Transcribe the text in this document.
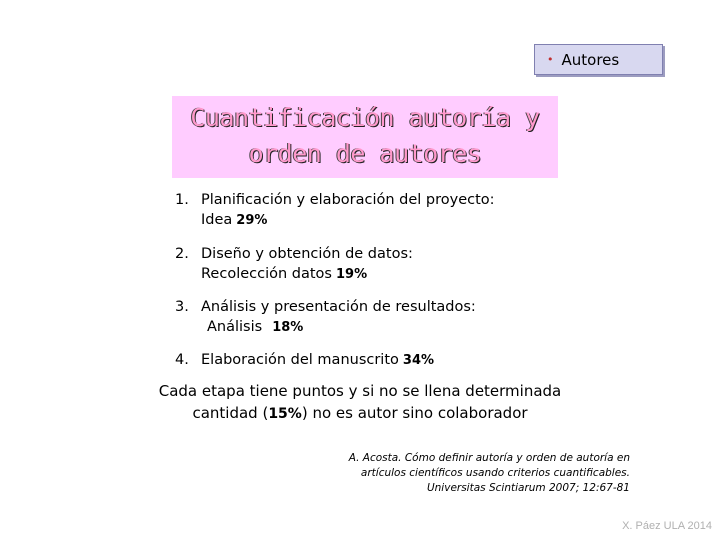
• Autores
Cuantificación autoría y
orden de autores
1. Planificación y elaboración del proyecto:
Idea 29%
2. Diseño y obtención de datos:
Recolección datos 19%
3. Análisis y presentación de resultados:
Análisis 18%
4. Elaboración del manuscrito 34%
Cada etapa tiene puntos y si no se llena determinada
cantidad (15%) no es autor sino colaborador
A. Acosta. Cómo definir autoría y orden de autoría en
artículos científicos usando criterios cuantificables.
Universitas Scintiarum 2007; 12:67-81
X. Páez ULA 2014
